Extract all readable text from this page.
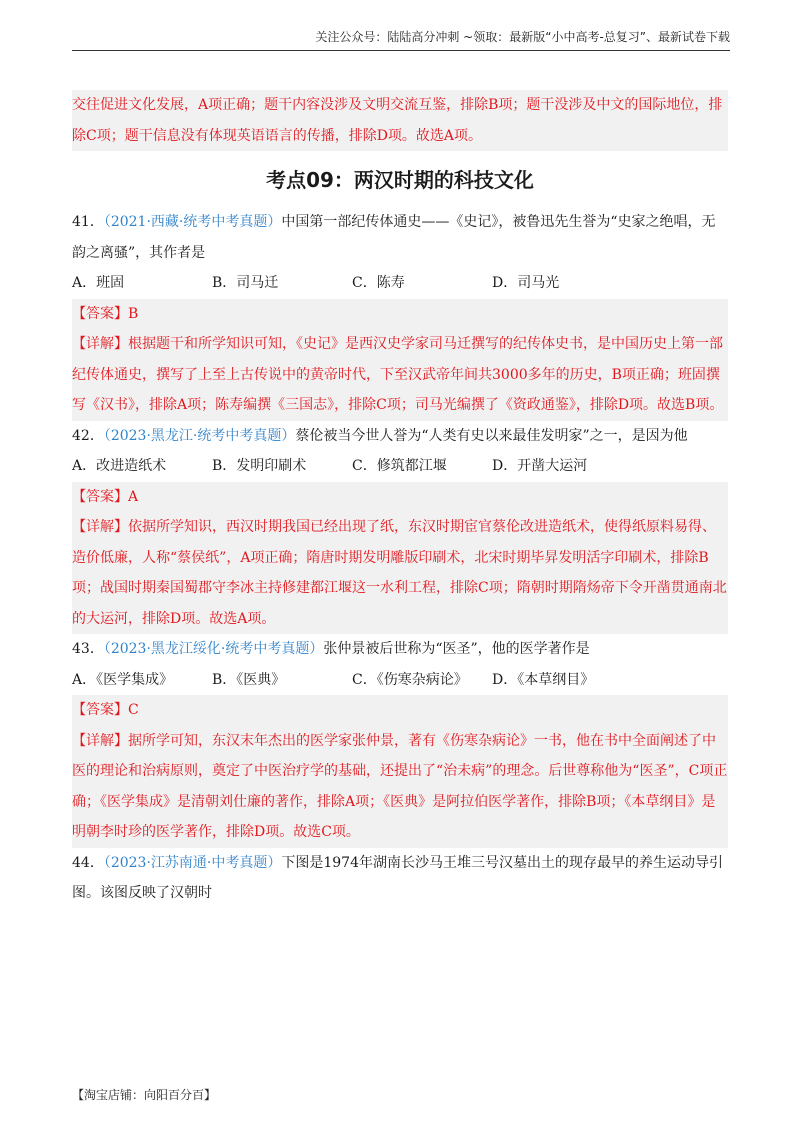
关注公众号：陆陆高分冲刺 ~领取：最新版“小中高考-总复习”、最新试卷下载

交往促进文化发展，A项正确；题干内容没涉及文明交流互鉴，排除B项；题干没涉及中文的国际地位，排除C项；题干信息没有体现英语语言的传播，排除D项。故选A项。

考点09：两汉时期的科技文化

41．（2021·西藏·统考中考真题）中国第一部纪传体通史——《史记》，被鲁迅先生誉为“史家之绝唱，无韵之离骚”，其作者是

A．班固	B．司马迁	C．陈寿	D．司马光

【答案】B

【详解】根据题干和所学知识可知，《史记》是西汉史学家司马迁撰写的纪传体史书，是中国历史上第一部纪传体通史，撰写了上至上古传说中的黄帝时代，下至汉武帝年间共3000多年的历史，B项正确；班固撰写《汉书》，排除A项；陈寿编撰《三国志》，排除C项；司马光编撰了《资政通鉴》，排除D项。故选B项。

42．（2023·黑龙江·统考中考真题）蔡伦被当今世人誉为“人类有史以来最佳发明家”之一，是因为他

A．改进造纸术	B．发明印刷术	C．修筑都江堰	D．开凿大运河

【答案】A

【详解】依据所学知识，西汉时期我国已经出现了纸，东汉时期宦官蔡伦改进造纸术，使得纸原料易得、造价低廉，人称“蔡侯纸”，A项正确；隋唐时期发明雕版印刷术，北宋时期毕昇发明活字印刷术，排除B项；战国时期秦国蜀郡守李冰主持修建都江堰这一水利工程，排除C项；隋朝时期隋炀帝下令开凿贯通南北的大运河，排除D项。故选A项。

43．（2023·黑龙江绥化·统考中考真题）张仲景被后世称为“医圣”，他的医学著作是

A．《医学集成》	B．《医典》	C．《伤寒杂病论》	D．《本草纲目》

【答案】C

【详解】据所学可知，东汉末年杰出的医学家张仲景，著有《伤寒杂病论》一书，他在书中全面阐述了中医的理论和治病原则，奠定了中医治疗学的基础，还提出了“治未病”的理念。后世尊称他为“医圣”，C项正确；《医学集成》是清朝刘仕廉的著作，排除A项；《医典》是阿拉伯医学著作，排除B项；《本草纲目》是明朝李时珍的医学著作，排除D项。故选C项。

44．（2023·江苏南通·中考真题）下图是1974年湖南长沙马王堆三号汉墓出土的现存最早的养生运动导引图。该图反映了汉朝时

【淘宝店铺：向阳百分百】
